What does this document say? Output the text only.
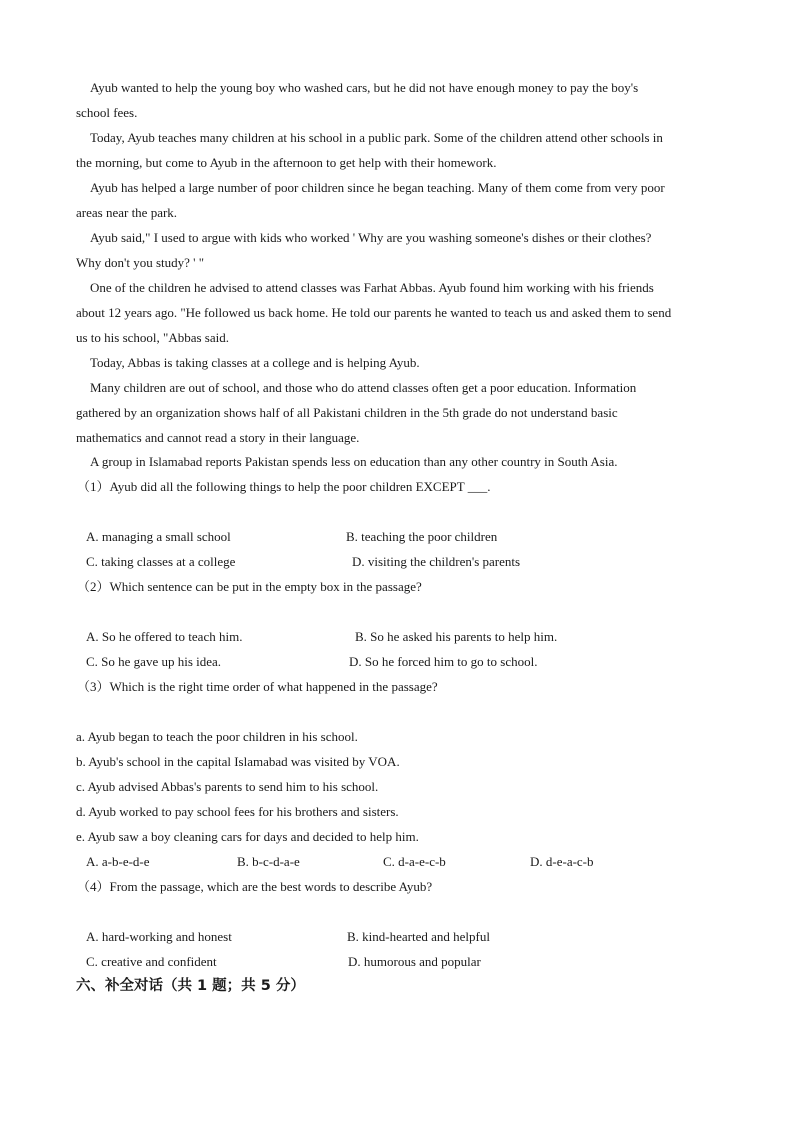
Ayub wanted to help the young boy who washed cars, but he did not have enough money to pay the boy's
school fees.
Today, Ayub teaches many children at his school in a public park. Some of the children attend other schools in
the morning, but come to Ayub in the afternoon to get help with their homework.
Ayub has helped a large number of poor children since he began teaching. Many of them come from very poor
areas near the park.
Ayub said," I used to argue with kids who worked ' Why are you washing someone's dishes or their clothes?
Why don't you study? ' "
One of the children he advised to attend classes was Farhat Abbas. Ayub found him working with his friends
about 12 years ago. "He followed us back home. He told our parents he wanted to teach us and asked them to send
us to his school, "Abbas said.
Today, Abbas is taking classes at a college and is helping Ayub.
Many children are out of school, and those who do attend classes often get a poor education. Information
gathered by an organization shows half of all Pakistani children in the 5th grade do not understand basic
mathematics and cannot read a story in their language.
A group in Islamabad reports Pakistan spends less on education than any other country in South Asia.
（1）Ayub did all the following things to help the poor children EXCEPT ___.
A. managing a small school	B. teaching the poor children
C. taking classes at a college	D. visiting the children's parents
（2）Which sentence can be put in the empty box in the passage?
A. So he offered to teach him.	B. So he asked his parents to help him.
C. So he gave up his idea.	D. So he forced him to go to school.
（3）Which is the right time order of what happened in the passage?
a. Ayub began to teach the poor children in his school.
b. Ayub's school in the capital Islamabad was visited by VOA.
c. Ayub advised Abbas's parents to send him to his school.
d. Ayub worked to pay school fees for his brothers and sisters.
e. Ayub saw a boy cleaning cars for days and decided to help him.
A. a-b-e-d-e	B. b-c-d-a-e	C. d-a-e-c-b	D. d-e-a-c-b
（4）From the passage, which are the best words to describe Ayub?
A. hard-working and honest	B. kind-hearted and helpful
C. creative and confident	D. humorous and popular
六、补全对话（共 1 题；共 5 分）
